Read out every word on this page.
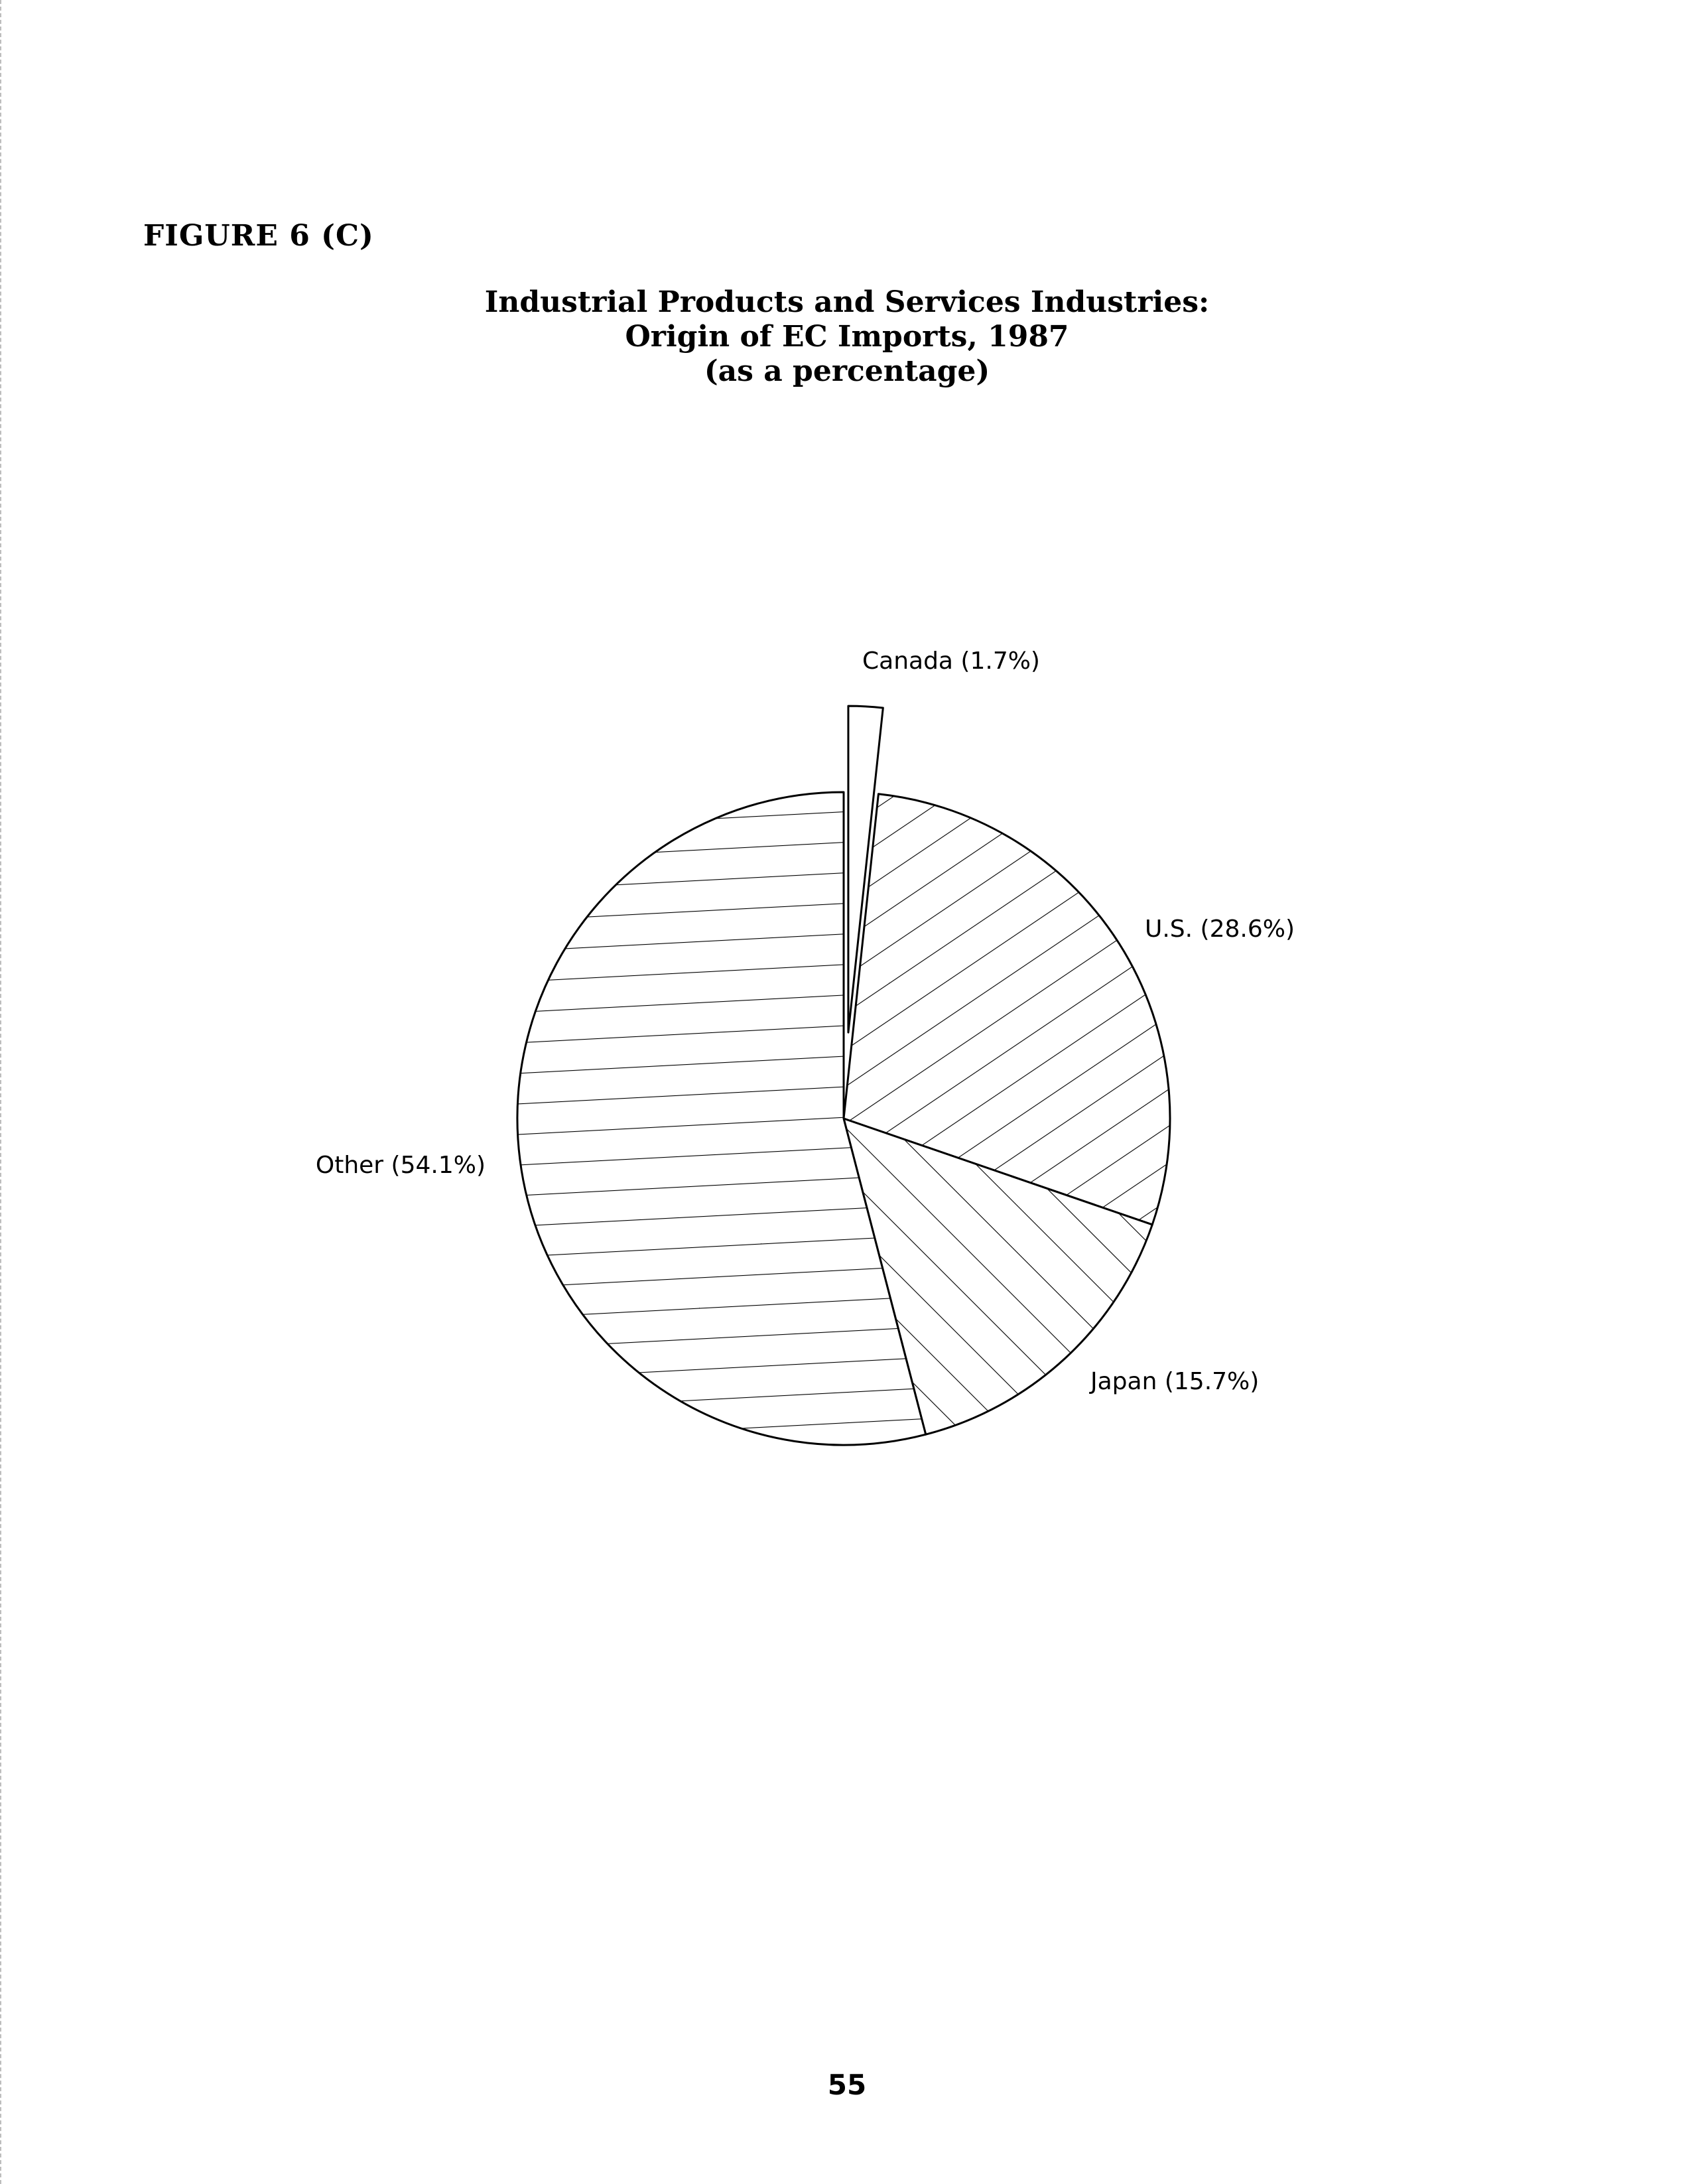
FIGURE 6 (C)
Industrial Products and Services Industries:
Origin of EC Imports, 1987
(as a percentage)
Canada (1.7%)
U.S. (28.6%)
Japan (15.7%)
Other (54.1%)
55
